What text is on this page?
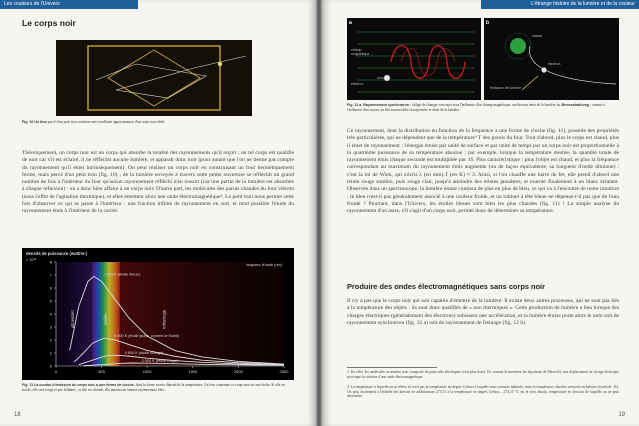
Les couleurs de l'Univers
Le corps noir
Fig. 10 Un four percé d'un petit trou constitue une excellente approximation d'un corps noir idéal.

Théoriquement, un corps noir est un corps qui absorbe la totalité des rayonnements qu'il reçoit ; un tel corps est qualifié de noir car s'il est éclairé, il ne réfléchit aucune lumière, et apparaît donc noir (pour autant que l'on ne tienne pas compte du rayonnement qu'il émet intrinsèquement). On peut réaliser un corps noir en construisant un four hermétiquement fermé, mais percé d'un petit trou (fig. 10) ; de la lumière envoyée à travers cette petite ouverture se réfléchit un grand nombre de fois à l'intérieur du four qu'aucun rayonnement réfléchi n'en ressort (car une partie de la lumière est absorbée à chaque réflexion) : on a donc bien affaire à un corps noir. D'autre part, les molécules des parois chaudes du four vibrent (sous l'effet de l'agitation thermique), et elles émettent alors une onde électromagnétique². Le petit trou nous permet cette fois d'observer ce qui se passe à l'intérieur : une fraction infime de rayonnement en sort, et rend possible l'étude du rayonnement émis à l'intérieur de la cavité.

0
1
2
3
4
5
6
7
8
0	500	1000	1500	2000	2500
densité de puissance (watt/m³)
× 10¹³
longueur d'onde (nm)
ultraviolet	visible	infrarouge
7 000 K (étoile bleue)
5 500 K (étoile jaune, comme le Soleil)
4 500 K (étoile orange)
3 500 K (étoile rouge)
Fig. 11 La courbe d'émission du corps noir a une forme de cloche, dont la forme exacte dépend de la température. Un four contenant ce corps noir est une étoile. Si elle est froide, elle sera rouge et peu brillante ; si elle est chaude, elle émettra un intense rayonnement bleu.
18
L'étrange histoire de la lumière et de la couleur
a
champ magnétique
électron
b
masse
électron
émission de lumière
Fig. 12 a. Rayonnement synchrotron : obligé de changer son trajet sous l'influence d'un champ magnétique, un électron émet de la lumière. b. Bremsstrahlung : soumis à l'influence d'un noyau, un électron modifie sa trajectoire et émet de la lumière.

Ce rayonnement, dont la distribution en fonction de la fréquence a une forme de cloche (fig. 11), possède des propriétés très particulières, qui ne dépendent que de la température³ T des parois du four. Tout d'abord, plus le corps est chaud, plus il émet de rayonnement : l'énergie émise par unité de surface et par unité de temps par un corps noir est proportionnelle à la quatrième puissance de sa température absolue ; par exemple, lorsque la température double, la quantité totale de rayonnement émis chaque seconde est multipliée par 16. Plus caractéristique : plus l'objet est chaud, et plus la fréquence correspondant au maximum du rayonnement émis augmente (ou de façon équivalente, sa longueur d'onde diminue) : c'est la loi de Wien, qui s'écrit λ (en mm).T (en K) ≈ 3. Ainsi, si l'on chauffe une barre de fer, elle prend d'abord une teinte rouge sombre, puis rouge clair, jusqu'à atteindre des teintes jaunâtres, et tourner finalement à un blanc éclatant. Observée dans un spectroscope, la lumière émise contient de plus en plus de bleu, ce qui va à l'encontre de notre intuition : le bleu n'est-il pas généralement associé à une couleur froide, et un robinet à tête bleue ne dépense-t-il pas que de l'eau froide ? Pourtant, dans l'Univers, les étoiles bleues sont bien les plus chaudes (fig. 11) ! La simple analyse du rayonnement d'un astre, s'il s'agit d'un corps noir, permet donc de déterminer sa température.

Produire des ondes électromagnétiques sans corps noir

Il n'y a pas que le corps noir qui soit capable d'émettre de la lumière. Il existe deux autres processus, qui ne sont pas liés à la température des objets : ils sont donc qualifiés de « non thermiques ». Cette production de lumière a lieu lorsque des charges électriques (généralement des électrons) subissent une accélération, et la lumière émise porte alors le nom soit de rayonnement synchrotron (fig. 12 a) soit de rayonnement de freinage (fig. 12 b).

2. En effet, les molécules ou atomes sont composés de particules électriques (voir plus haut). Or, comme le montrent les équations de Maxwell, tout déplacement de charge électrique provoque la création d'une onde électromagnétique.
3. La température à laquelle on se réfère ici n'est pas la température en degrés Celsius à laquelle nous sommes habitués, mais la température absolue, mesurée en kelvins (symbole : K). On peut facilement à l'échelle des kelvins en additionnant 273,15 à la température en degrés Celsius. –273,15 °C est le zéro absolu, température en dessous de laquelle on ne peut descendre.
19
